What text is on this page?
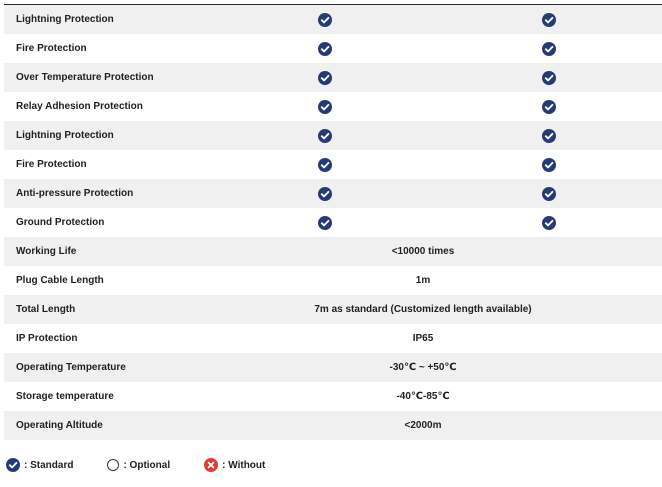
Lightning Protection
Fire Protection
Over Temperature Protection
Relay Adhesion Protection
Lightning Protection
Fire Protection
Anti-pressure Protection
Ground Protection
Working Life	<10000 times
Plug Cable Length	1m
Total Length	7m as standard (Customized length available)
IP Protection	IP65
Operating Temperature	-30℃ ~ +50℃
Storage temperature	-40℃-85℃
Operating Altitude	<2000m
: Standard	: Optional	: Without
